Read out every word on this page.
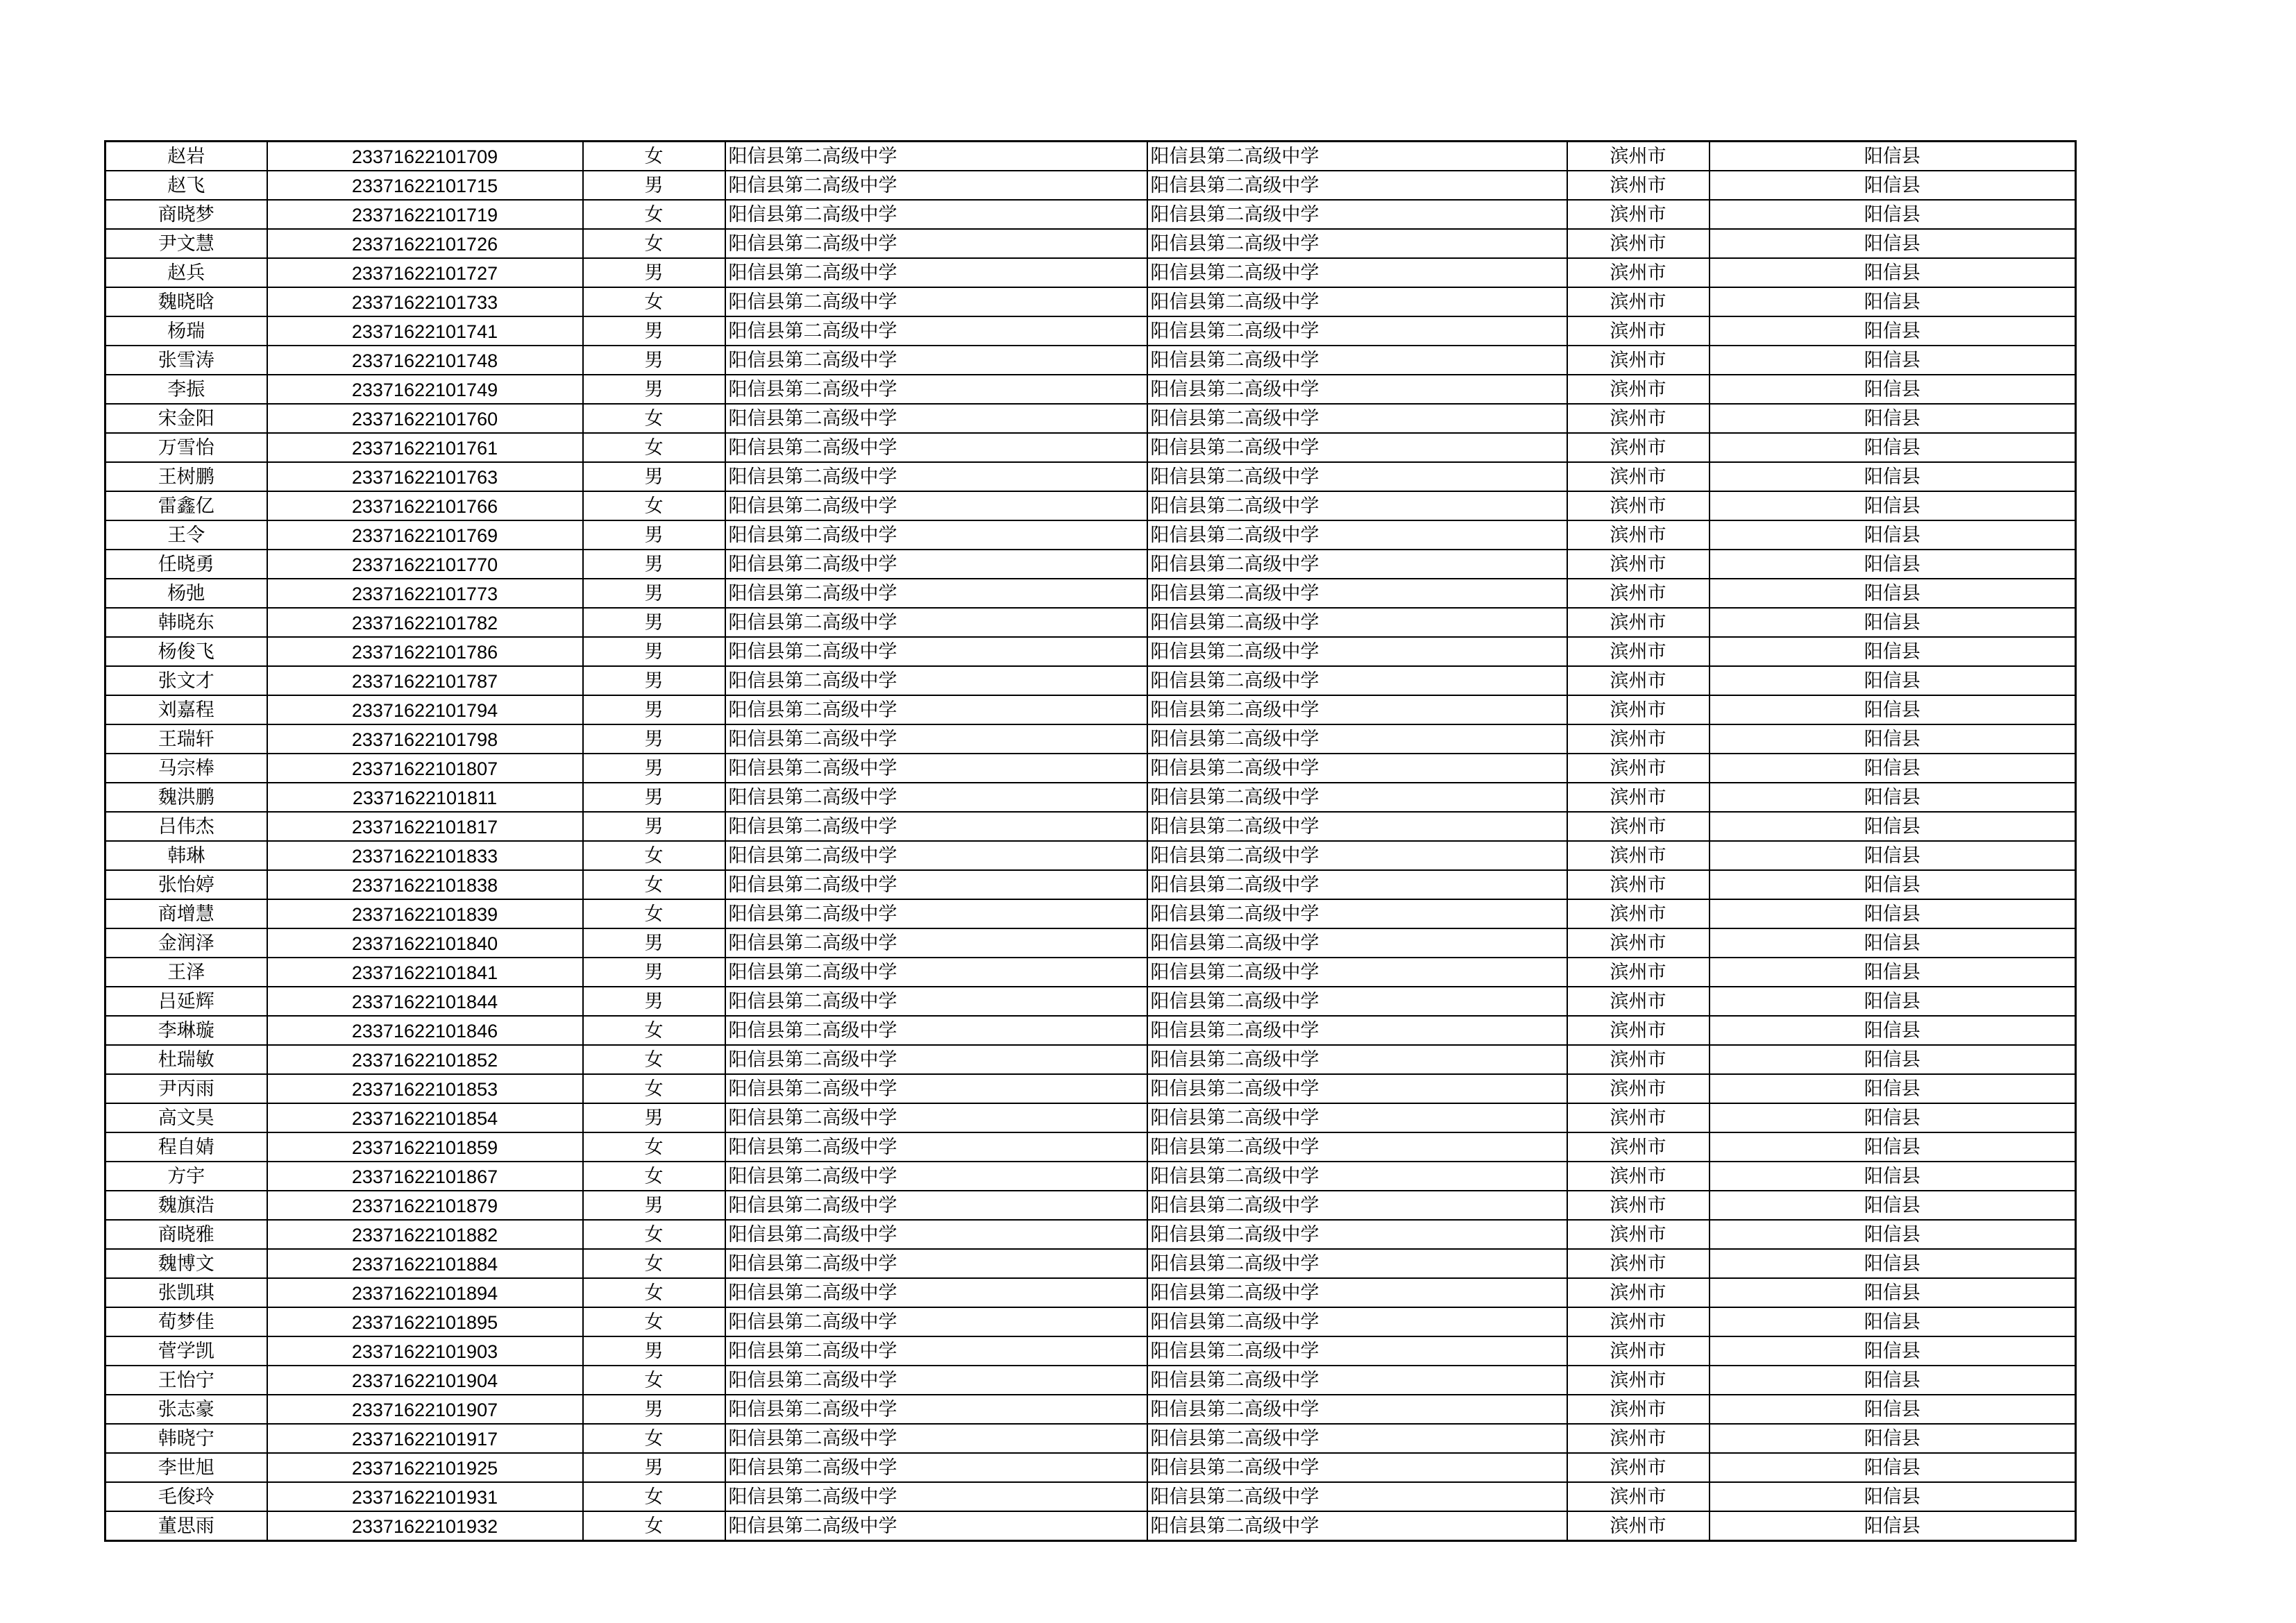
赵岩	23371622101709	女	阳信县第二高级中学	阳信县第二高级中学	滨州市	阳信县
赵飞	23371622101715	男	阳信县第二高级中学	阳信县第二高级中学	滨州市	阳信县
商晓梦	23371622101719	女	阳信县第二高级中学	阳信县第二高级中学	滨州市	阳信县
尹文慧	23371622101726	女	阳信县第二高级中学	阳信县第二高级中学	滨州市	阳信县
赵兵	23371622101727	男	阳信县第二高级中学	阳信县第二高级中学	滨州市	阳信县
魏晓晗	23371622101733	女	阳信县第二高级中学	阳信县第二高级中学	滨州市	阳信县
杨瑞	23371622101741	男	阳信县第二高级中学	阳信县第二高级中学	滨州市	阳信县
张雪涛	23371622101748	男	阳信县第二高级中学	阳信县第二高级中学	滨州市	阳信县
李振	23371622101749	男	阳信县第二高级中学	阳信县第二高级中学	滨州市	阳信县
宋金阳	23371622101760	女	阳信县第二高级中学	阳信县第二高级中学	滨州市	阳信县
万雪怡	23371622101761	女	阳信县第二高级中学	阳信县第二高级中学	滨州市	阳信县
王树鹏	23371622101763	男	阳信县第二高级中学	阳信县第二高级中学	滨州市	阳信县
雷鑫亿	23371622101766	女	阳信县第二高级中学	阳信县第二高级中学	滨州市	阳信县
王令	23371622101769	男	阳信县第二高级中学	阳信县第二高级中学	滨州市	阳信县
任晓勇	23371622101770	男	阳信县第二高级中学	阳信县第二高级中学	滨州市	阳信县
杨弛	23371622101773	男	阳信县第二高级中学	阳信县第二高级中学	滨州市	阳信县
韩晓东	23371622101782	男	阳信县第二高级中学	阳信县第二高级中学	滨州市	阳信县
杨俊飞	23371622101786	男	阳信县第二高级中学	阳信县第二高级中学	滨州市	阳信县
张文才	23371622101787	男	阳信县第二高级中学	阳信县第二高级中学	滨州市	阳信县
刘嘉程	23371622101794	男	阳信县第二高级中学	阳信县第二高级中学	滨州市	阳信县
王瑞轩	23371622101798	男	阳信县第二高级中学	阳信县第二高级中学	滨州市	阳信县
马宗棒	23371622101807	男	阳信县第二高级中学	阳信县第二高级中学	滨州市	阳信县
魏洪鹏	23371622101811	男	阳信县第二高级中学	阳信县第二高级中学	滨州市	阳信县
吕伟杰	23371622101817	男	阳信县第二高级中学	阳信县第二高级中学	滨州市	阳信县
韩琳	23371622101833	女	阳信县第二高级中学	阳信县第二高级中学	滨州市	阳信县
张怡婷	23371622101838	女	阳信县第二高级中学	阳信县第二高级中学	滨州市	阳信县
商增慧	23371622101839	女	阳信县第二高级中学	阳信县第二高级中学	滨州市	阳信县
金润泽	23371622101840	男	阳信县第二高级中学	阳信县第二高级中学	滨州市	阳信县
王泽	23371622101841	男	阳信县第二高级中学	阳信县第二高级中学	滨州市	阳信县
吕延辉	23371622101844	男	阳信县第二高级中学	阳信县第二高级中学	滨州市	阳信县
李琳璇	23371622101846	女	阳信县第二高级中学	阳信县第二高级中学	滨州市	阳信县
杜瑞敏	23371622101852	女	阳信县第二高级中学	阳信县第二高级中学	滨州市	阳信县
尹丙雨	23371622101853	女	阳信县第二高级中学	阳信县第二高级中学	滨州市	阳信县
高文昊	23371622101854	男	阳信县第二高级中学	阳信县第二高级中学	滨州市	阳信县
程自婧	23371622101859	女	阳信县第二高级中学	阳信县第二高级中学	滨州市	阳信县
方宇	23371622101867	女	阳信县第二高级中学	阳信县第二高级中学	滨州市	阳信县
魏旗浩	23371622101879	男	阳信县第二高级中学	阳信县第二高级中学	滨州市	阳信县
商晓雅	23371622101882	女	阳信县第二高级中学	阳信县第二高级中学	滨州市	阳信县
魏博文	23371622101884	女	阳信县第二高级中学	阳信县第二高级中学	滨州市	阳信县
张凯琪	23371622101894	女	阳信县第二高级中学	阳信县第二高级中学	滨州市	阳信县
荀梦佳	23371622101895	女	阳信县第二高级中学	阳信县第二高级中学	滨州市	阳信县
菅学凯	23371622101903	男	阳信县第二高级中学	阳信县第二高级中学	滨州市	阳信县
王怡宁	23371622101904	女	阳信县第二高级中学	阳信县第二高级中学	滨州市	阳信县
张志豪	23371622101907	男	阳信县第二高级中学	阳信县第二高级中学	滨州市	阳信县
韩晓宁	23371622101917	女	阳信县第二高级中学	阳信县第二高级中学	滨州市	阳信县
李世旭	23371622101925	男	阳信县第二高级中学	阳信县第二高级中学	滨州市	阳信县
毛俊玲	23371622101931	女	阳信县第二高级中学	阳信县第二高级中学	滨州市	阳信县
董思雨	23371622101932	女	阳信县第二高级中学	阳信县第二高级中学	滨州市	阳信县
